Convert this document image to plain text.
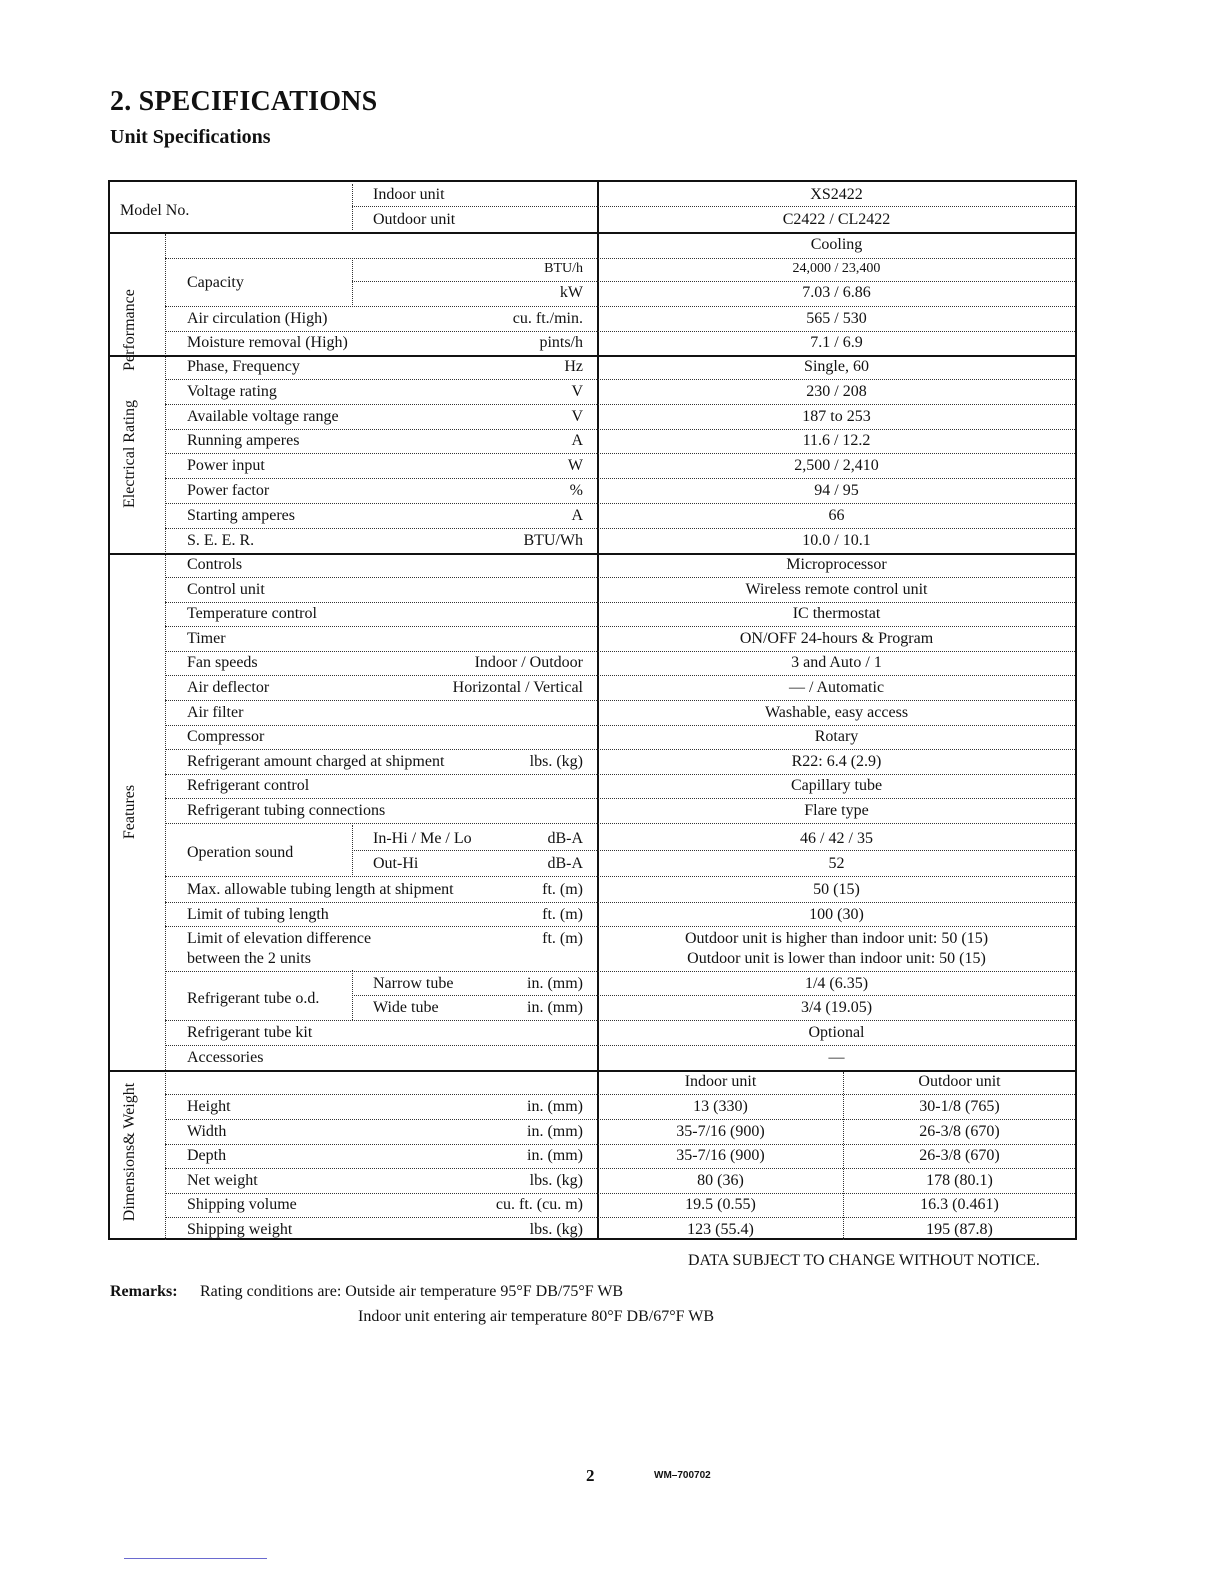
2. SPECIFICATIONS
Unit Specifications
Model No.
Indoor unit	XS2422
Outdoor unit	C2422 / CL2422
Performance
Cooling
Capacity
BTU/h	24,000 / 23,400
kW	7.03 / 6.86
Air circulation (High)	cu. ft./min.	565 / 530
Moisture removal (High)	pints/h	7.1 / 6.9
Electrical Rating
Phase, Frequency	Hz	Single, 60
Voltage rating	V	230 / 208
Available voltage range	V	187 to 253
Running amperes	A	11.6 / 12.2
Power input	W	2,500 / 2,410
Power factor	%	94 / 95
Starting amperes	A	66
S. E. E. R.	BTU/Wh	10.0 / 10.1
Features
Controls	Microprocessor
Control unit	Wireless remote control unit
Temperature control	IC thermostat
Timer	ON/OFF 24-hours & Program
Fan speeds	Indoor / Outdoor	3 and Auto / 1
Air deflector	Horizontal / Vertical	— / Automatic
Air filter	Washable, easy access
Compressor	Rotary
Refrigerant amount charged at shipment	lbs. (kg)	R22: 6.4 (2.9)
Refrigerant control	Capillary tube
Refrigerant tubing connections	Flare type
Operation sound
In-Hi / Me / Lo	dB-A	46 / 42 / 35
Out-Hi	dB-A	52
Max. allowable tubing length at shipment	ft. (m)	50 (15)
Limit of tubing length	ft. (m)	100 (30)
Limit of elevation difference
between the 2 units
ft. (m)	Outdoor unit is higher than indoor unit: 50 (15)
Outdoor unit is lower than indoor unit: 50 (15)
Refrigerant tube o.d.
Narrow tube	in. (mm)	1/4 (6.35)
Wide tube	in. (mm)	3/4 (19.05)
Refrigerant tube kit	Optional
Accessories	—
Dimensions& Weight
Indoor unit	Outdoor unit
Height	in. (mm)	13 (330)	30-1/8 (765)
Width	in. (mm)	35-7/16 (900)	26-3/8 (670)
Depth	in. (mm)	35-7/16 (900)	26-3/8 (670)
Net weight	lbs. (kg)	80 (36)	178 (80.1)
Shipping volume	cu. ft. (cu. m)	19.5 (0.55)	16.3 (0.461)
Shipping weight	lbs. (kg)	123 (55.4)	195 (87.8)
DATA SUBJECT TO CHANGE WITHOUT NOTICE.
Remarks: Rating conditions are: Outside air temperature 95°F DB/75°F WB
Indoor unit entering air temperature 80°F DB/67°F WB
2	WM–700702
